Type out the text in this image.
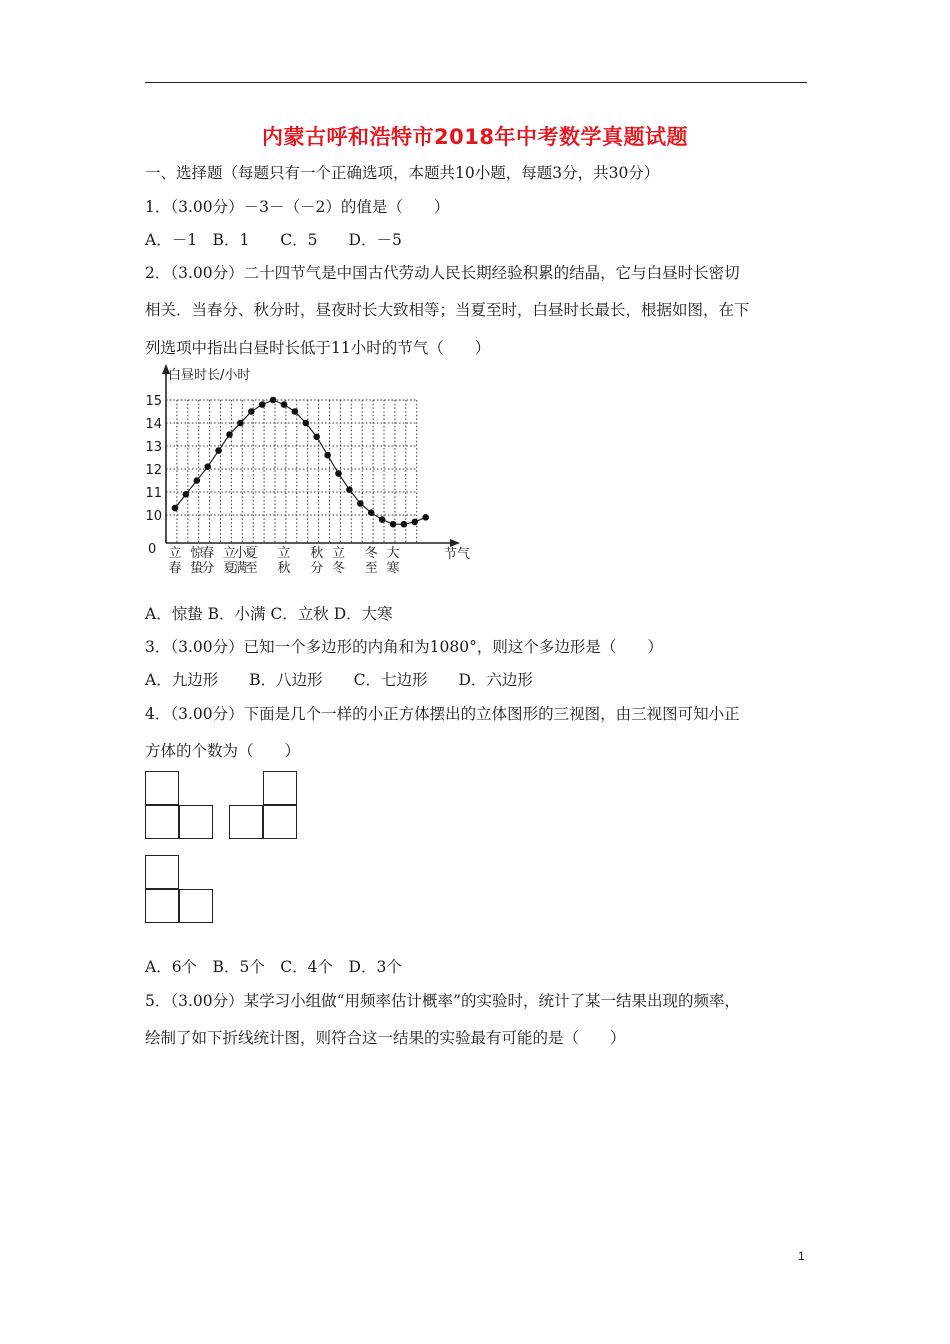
内蒙古呼和浩特市2018年中考数学真题试题
一、选择题（每题只有一个正确选项，本题共10小题，每题3分，共30分）
1．（3.00分）－3－（－2）的值是（　　）
A．－1　B．1　　C．5　　D．－5
2．（3.00分）二十四节气是中国古代劳动人民长期经验积累的结晶，它与白昼时长密切
相关．当春分、秋分时，昼夜时长大致相等；当夏至时，白昼时长最长，根据如图，在下
列选项中指出白昼时长低于11小时的节气（　　）
白昼时长/小时
节气
0
10
11
12
13
14
15
立
春
惊
蛰
春
分
立
夏
小
满
夏
至
立
秋
秋
分
立
冬
冬
至
大
寒
A．惊蛰 B．小满 C．立秋 D．大寒
3．（3.00分）已知一个多边形的内角和为1080°，则这个多边形是（　　）
A．九边形　　B．八边形　　C．七边形　　D．六边形
4．（3.00分）下面是几个一样的小正方体摆出的立体图形的三视图，由三视图可知小正
方体的个数为（　　）
A．6个　B．5个　C．4个　D．3个
5．（3.00分）某学习小组做“用频率估计概率”的实验时，统计了某一结果出现的频率，
绘制了如下折线统计图，则符合这一结果的实验最有可能的是（　　）
1
